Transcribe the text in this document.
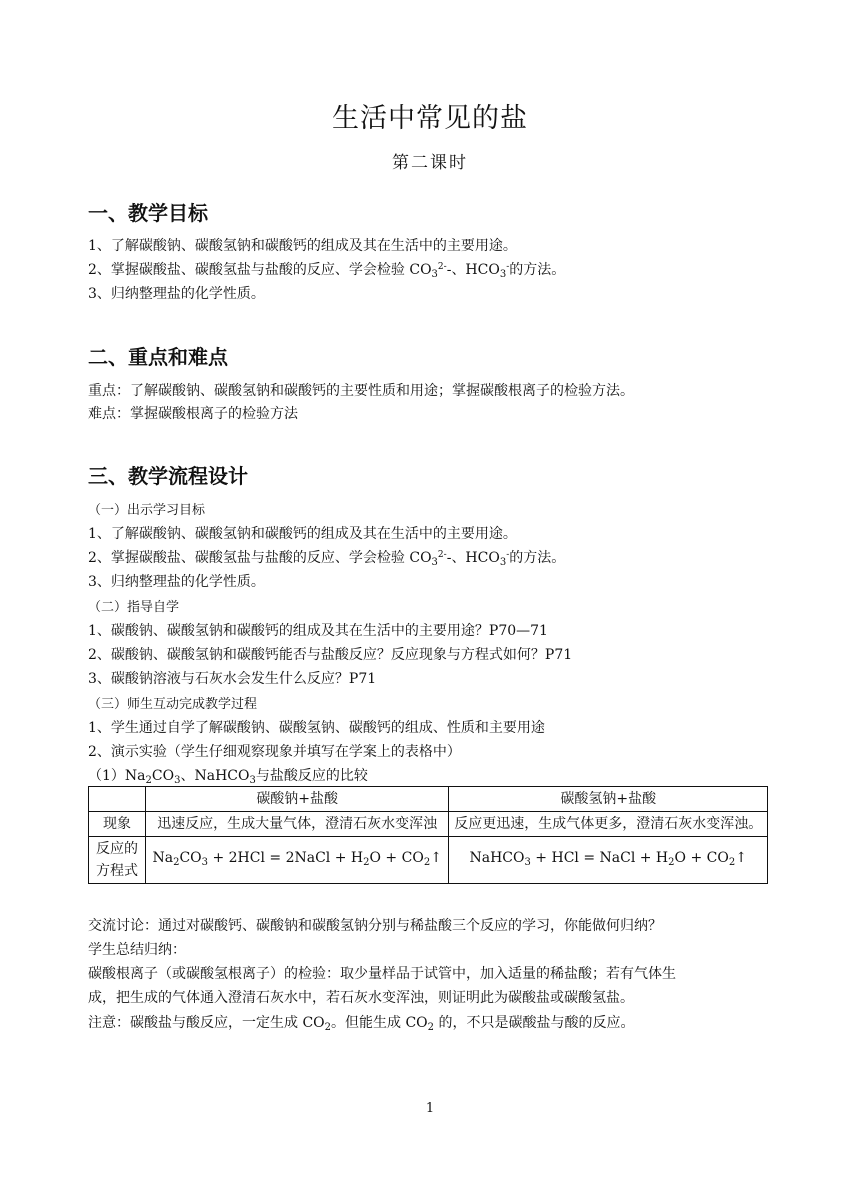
生活中常见的盐
第二课时
一、教学目标
1、了解碳酸钠、碳酸氢钠和碳酸钙的组成及其在生活中的主要用途。
2、掌握碳酸盐、碳酸氢盐与盐酸的反应、学会检验 $CO_3^{2-}-$、$HCO_3^-$的方法。
3、归纳整理盐的化学性质。
二、重点和难点
重点：了解碳酸钠、碳酸氢钠和碳酸钙的主要性质和用途；掌握碳酸根离子的检验方法。
难点：掌握碳酸根离子的检验方法
三、教学流程设计
（一）出示学习目标
1、了解碳酸钠、碳酸氢钠和碳酸钙的组成及其在生活中的主要用途。
2、掌握碳酸盐、碳酸氢盐与盐酸的反应、学会检验 $CO_3^{2-}-$、$HCO_3^-$的方法。
3、归纳整理盐的化学性质。
（二）指导自学
1、碳酸钠、碳酸氢钠和碳酸钙的组成及其在生活中的主要用途？P70—71
2、碳酸钠、碳酸氢钠和碳酸钙能否与盐酸反应？反应现象与方程式如何？P71
3、碳酸钠溶液与石灰水会发生什么反应？P71
（三）师生互动完成教学过程
1、学生通过自学了解碳酸钠、碳酸氢钠、碳酸钙的组成、性质和主要用途
2、演示实验（学生仔细观察现象并填写在学案上的表格中）
$(1)Na_2CO_3$、NaHCO$_3$与盐酸反应的比较
	碳酸钠+盐酸	碳酸氢钠+盐酸
现象	迅速反应，生成大量气体，澄清石灰水变浑浊	反应更迅速，生成气体更多，澄清石灰水变浑浊。
反应的方程式	$Na_2CO_3 + 2HCl$ = 2NaCl + $H_2O$ + $CO_2↑$	NaHCO$_3$ + HCl = NaCl + $H_2O$ + $CO_2↑$
交流讨论：通过对碳酸钙、碳酸钠和碳酸氢钠分别与稀盐酸三个反应的学习，你能做何归纳？
学生总结归纳：
碳酸根离子（或碳酸氢根离子）的检验：取少量样品于试管中，加入适量的稀盐酸；若有气体生
成，把生成的气体通入澄清石灰水中，若石灰水变浑浊，则证明此为碳酸盐或碳酸氢盐。
注意：碳酸盐与酸反应，一定生成 $CO_2$。但能生成 $CO_2$ 的，不只是碳酸盐与酸的反应。
1
